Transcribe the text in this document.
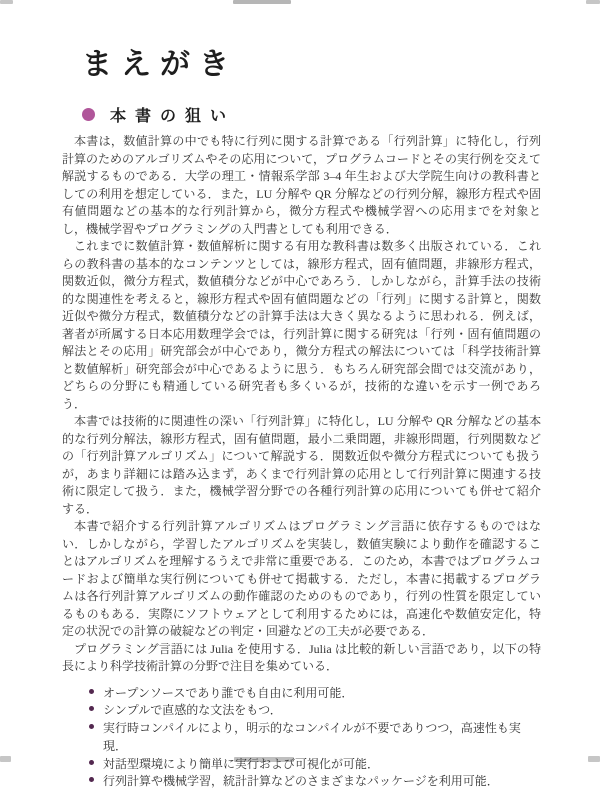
まえがき
本書の狙い

本書は，数値計算の中でも特に行列に関する計算である「行列計算」に特化し，行列計算のためのアルゴリズムやその応用について，プログラムコードとその実行例を交えて解説するものである．大学の理工・情報系学部 3–4 年生および大学院生向けの教科書としての利用を想定している．また，LU 分解や QR 分解などの行列分解，線形方程式や固有値問題などの基本的な行列計算から，微分方程式や機械学習への応用までを対象とし，機械学習やプログラミングの入門書としても利用できる．

これまでに数値計算・数値解析に関する有用な教科書は数多く出版されている．これらの教科書の基本的なコンテンツとしては，線形方程式，固有値問題，非線形方程式，関数近似，微分方程式，数値積分などが中心であろう．しかしながら，計算手法の技術的な関連性を考えると，線形方程式や固有値問題などの「行列」に関する計算と，関数近似や微分方程式，数値積分などの計算手法は大きく異なるように思われる．例えば，著者が所属する日本応用数理学会では，行列計算に関する研究は「行列・固有値問題の解法とその応用」研究部会が中心であり，微分方程式の解法については「科学技術計算と数値解析」研究部会が中心であるように思う．もちろん研究部会間では交流があり，どちらの分野にも精通している研究者も多くいるが，技術的な違いを示す一例であろう．

本書では技術的に関連性の深い「行列計算」に特化し，LU 分解や QR 分解などの基本的な行列分解法，線形方程式，固有値問題，最小二乗問題，非線形問題，行列関数などの「行列計算アルゴリズム」について解説する．関数近似や微分方程式についても扱うが，あまり詳細には踏み込まず，あくまで行列計算の応用として行列計算に関連する技術に限定して扱う．また，機械学習分野での各種行列計算の応用についても併せて紹介する．

本書で紹介する行列計算アルゴリズムはプログラミング言語に依存するものではない．しかしながら，学習したアルゴリズムを実装し，数値実験により動作を確認することはアルゴリズムを理解するうえで非常に重要である．このため，本書ではプログラムコードおよび簡単な実行例についても併せて掲載する．ただし，本書に掲載するプログラムは各行列計算アルゴリズムの動作確認のためのものであり，行列の性質を限定しているものもある．実際にソフトウェアとして利用するためには，高速化や数値安定化，特定の状況での計算の破綻などの判定・回避などの工夫が必要である．

プログラミング言語には Julia を使用する．Julia は比較的新しい言語であり，以下の特長により科学技術計算の分野で注目を集めている．

オープンソースであり誰でも自由に利用可能．
シンプルで直感的な文法をもつ．
実行時コンパイルにより，明示的なコンパイルが不要でありつつ，高速性も実現．
対話型環境により簡単に実行および可視化が可能．
行列計算や機械学習，統計計算などのさまざまなパッケージを利用可能．
